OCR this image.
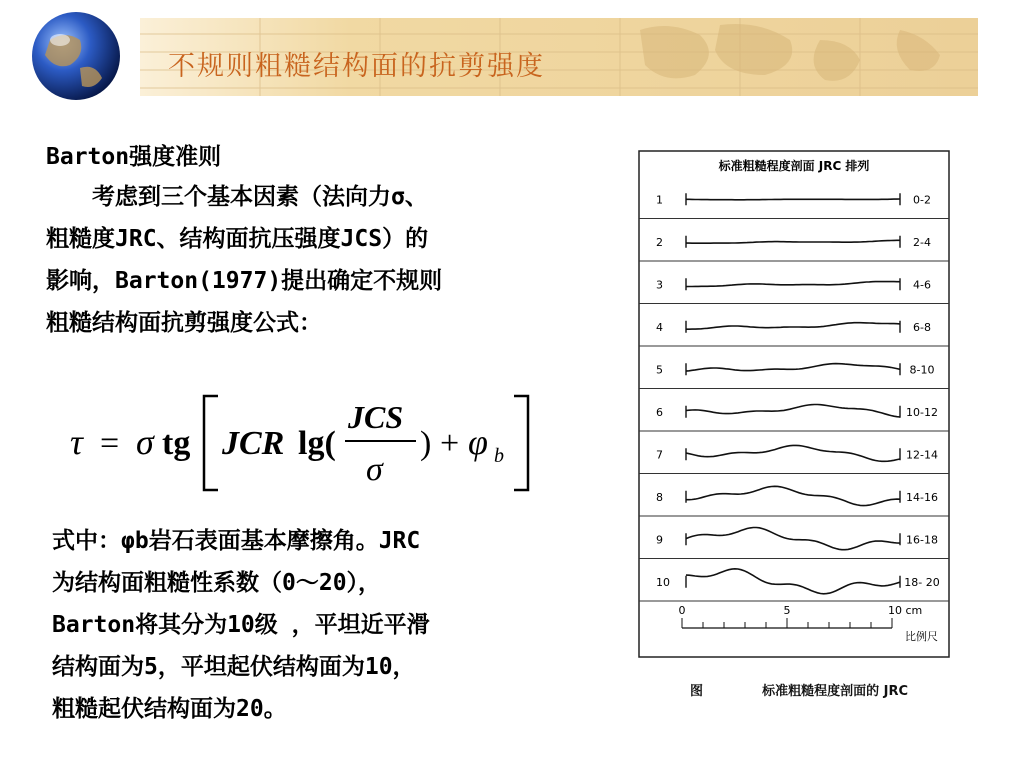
不规则粗糙结构面的抗剪强度
Barton强度准则
　　考虑到三个基本因素（法向力σ、
粗糙度JRC、结构面抗压强度JCS）的
影响，Barton(1977)提出确定不规则
粗糙结构面抗剪强度公式：
τ = σ tg JCR lg(
JCS
σ
) + φ b
式中：φb岩石表面基本摩擦角。JRC
为结构面粗糙性系数（0～20），
Barton将其分为10级 ，平坦近平滑
结构面为5，平坦起伏结构面为10，
粗糙起伏结构面为20。
标准粗糙程度剖面 JRC 排列
1	0-2
2	2-4
3	4-6
4	6-8
5	8-10
6	10-12
7	12-14
8	14-16
9	16-18
10	18- 20
0	5	10 cm
比例尺
图	标准粗糙程度剖面的 JRC
